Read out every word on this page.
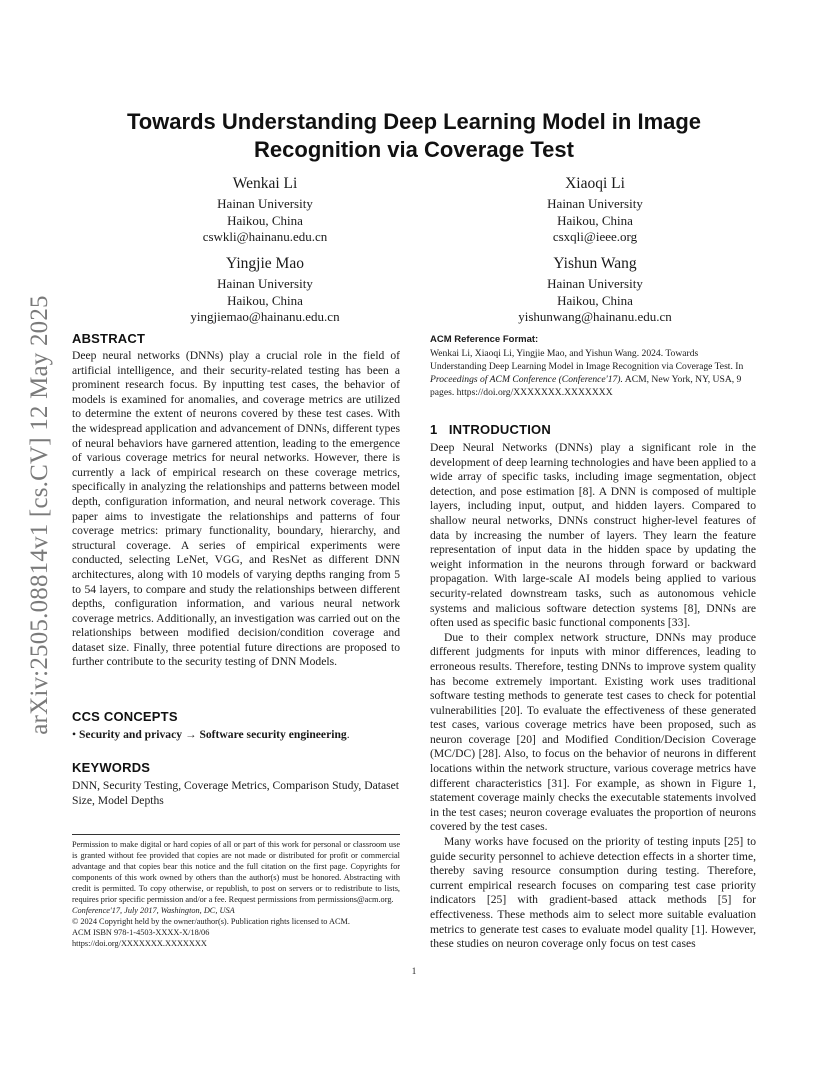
arXiv:2505.08814v1 [cs.CV] 12 May 2025
Towards Understanding Deep Learning Model in Image
Recognition via Coverage Test
Wenkai Li
Hainan University
Haikou, China
cswkli@hainanu.edu.cn
Xiaoqi Li
Hainan University
Haikou, China
csxqli@ieee.org
Yingjie Mao
Hainan University
Haikou, China
yingjiemao@hainanu.edu.cn
Yishun Wang
Hainan University
Haikou, China
yishunwang@hainanu.edu.cn
ABSTRACT

Deep neural networks (DNNs) play a crucial role in the field of artificial intelligence, and their security-related testing has been a prominent research focus. By inputting test cases, the behavior of models is examined for anomalies, and coverage metrics are utilized to determine the extent of neurons covered by these test cases. With the widespread application and advancement of DNNs, different types of neural behaviors have garnered attention, leading to the emergence of various coverage metrics for neural networks. However, there is currently a lack of empirical research on these coverage metrics, specifically in analyzing the relationships and patterns between model depth, configuration information, and neural network coverage. This paper aims to investigate the relationships and patterns of four coverage metrics: primary functionality, boundary, hierarchy, and structural coverage. A series of empirical experiments were conducted, selecting LeNet, VGG, and ResNet as different DNN architectures, along with 10 models of varying depths ranging from 5 to 54 layers, to compare and study the relationships between different depths, configuration information, and various neural network coverage metrics. Additionally, an investigation was carried out on the relationships between modified decision/condition coverage and dataset size. Finally, three potential future directions are proposed to further contribute to the security testing of DNN Models.

CCS CONCEPTS
• Security and privacy → Software security engineering.
KEYWORDS

DNN, Security Testing, Coverage Metrics, Comparison Study, Dataset Size, Model Depths

Permission to make digital or hard copies of all or part of this work for personal or classroom use is granted without fee provided that copies are not made or distributed for profit or commercial advantage and that copies bear this notice and the full citation on the first page. Copyrights for components of this work owned by others than the author(s) must be honored. Abstracting with credit is permitted. To copy otherwise, or republish, to post on servers or to redistribute to lists, requires prior specific permission and/or a fee. Request permissions from permissions@acm.org.

Conference'17, July 2017, Washington, DC, USA

© 2024 Copyright held by the owner/author(s). Publication rights licensed to ACM.

ACM ISBN 978-1-4503-XXXX-X/18/06

https://doi.org/XXXXXXX.XXXXXXX

ACM Reference Format:
Wenkai Li, Xiaoqi Li, Yingjie Mao, and Yishun Wang. 2024. Towards Understanding Deep Learning Model in Image Recognition via Coverage Test. In Proceedings of ACM Conference (Conference'17). ACM, New York, NY, USA, 9 pages. https://doi.org/XXXXXXX.XXXXXXX
1 INTRODUCTION

Deep Neural Networks (DNNs) play a significant role in the development of deep learning technologies and have been applied to a wide array of specific tasks, including image segmentation, object detection, and pose estimation [8]. A DNN is composed of multiple layers, including input, output, and hidden layers. Compared to shallow neural networks, DNNs construct higher-level features of data by increasing the number of layers. They learn the feature representation of input data in the hidden space by updating the weight information in the neurons through forward or backward propagation. With large-scale AI models being applied to various security-related downstream tasks, such as autonomous vehicle systems and malicious software detection systems [8], DNNs are often used as specific basic functional components [33].

Due to their complex network structure, DNNs may produce different judgments for inputs with minor differences, leading to erroneous results. Therefore, testing DNNs to improve system quality has become extremely important. Existing work uses traditional software testing methods to generate test cases to check for potential vulnerabilities [20]. To evaluate the effectiveness of these generated test cases, various coverage metrics have been proposed, such as neuron coverage [20] and Modified Condition/Decision Coverage (MC/DC) [28]. Also, to focus on the behavior of neurons in different locations within the network structure, various coverage metrics have different characteristics [31]. For example, as shown in Figure 1, statement coverage mainly checks the executable statements involved in the test cases; neuron coverage evaluates the proportion of neurons covered by the test cases.

Many works have focused on the priority of testing inputs [25] to guide security personnel to achieve detection effects in a shorter time, thereby saving resource consumption during testing. Therefore, current empirical research focuses on comparing test case priority indicators [25] with gradient-based attack methods [5] for effectiveness. These methods aim to select more suitable evaluation metrics to generate test cases to evaluate model quality [1]. However, these studies on neuron coverage only focus on test cases

1
